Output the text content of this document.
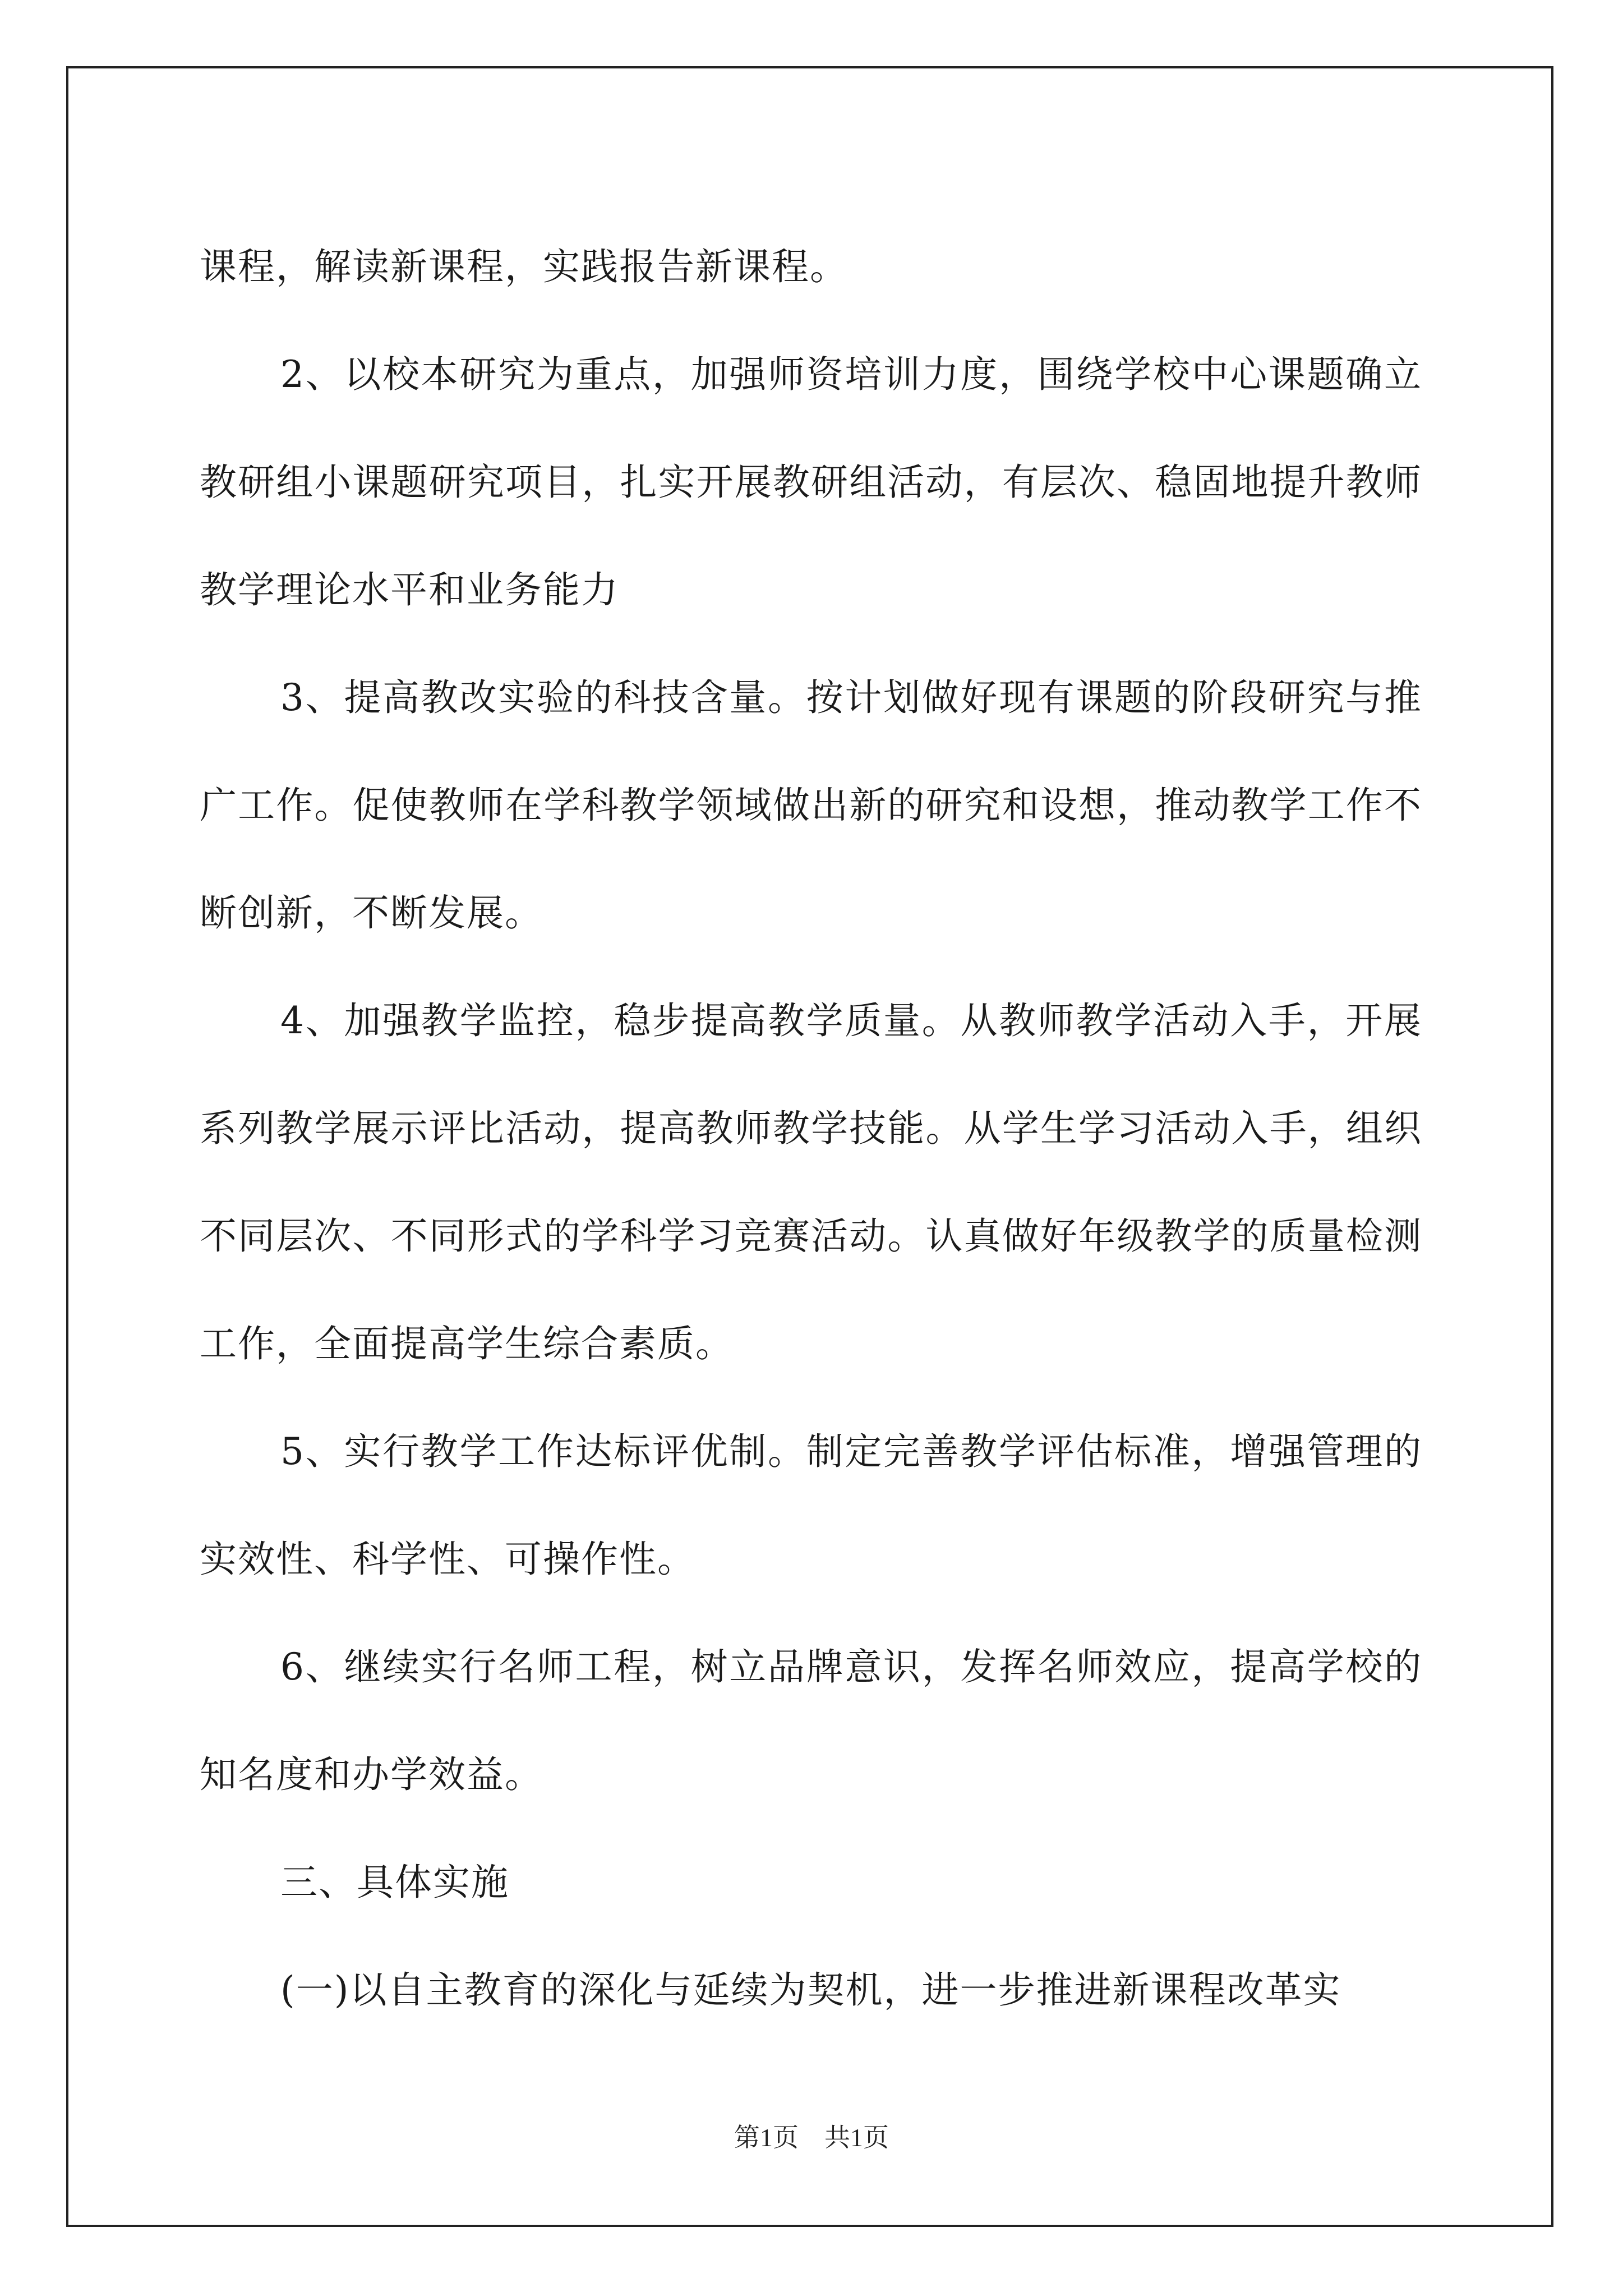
课程，解读新课程，实践报告新课程。

2、以校本研究为重点，加强师资培训力度，围绕学校中心课题确立教研组小课题研究项目，扎实开展教研组活动，有层次、稳固地提升教师教学理论水平和业务能力

3、提高教改实验的科技含量。按计划做好现有课题的阶段研究与推广工作。促使教师在学科教学领域做出新的研究和设想，推动教学工作不断创新，不断发展。

4、加强教学监控，稳步提高教学质量。从教师教学活动入手，开展系列教学展示评比活动，提高教师教学技能。从学生学习活动入手，组织不同层次、不同形式的学科学习竞赛活动。认真做好年级教学的质量检测工作，全面提高学生综合素质。

5、实行教学工作达标评优制。制定完善教学评估标准，增强管理的实效性、科学性、可操作性。

6、继续实行名师工程，树立品牌意识，发挥名师效应，提高学校的知名度和办学效益。

三、具体实施

(一)以自主教育的深化与延续为契机，进一步推进新课程改革实

第1页　共1页
